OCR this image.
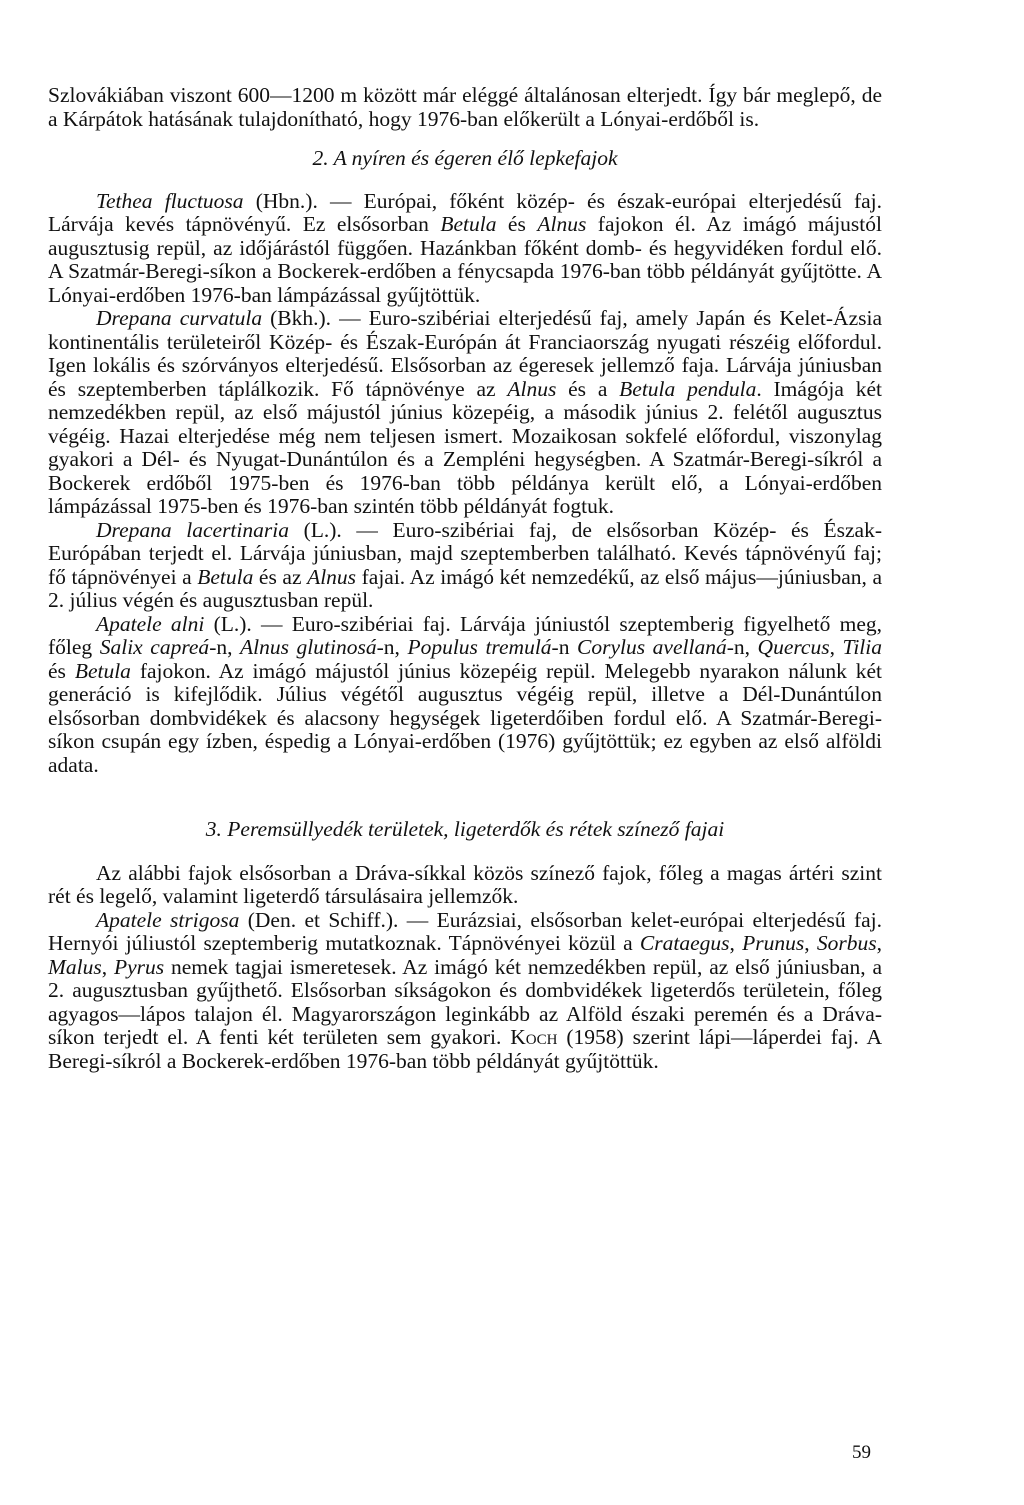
Szlovákiában viszont 600—1200 m között már eléggé általánosan elterjedt. Így bár meglepő, de a Kárpátok hatásának tulajdonítható, hogy 1976-ban előkerült a Lónyai-erdőből is.

2. A nyíren és égeren élő lepkefajok

Tethea fluctuosa (Hbn.). — Európai, főként közép- és észak-európai elterjedésű faj. Lárvája kevés tápnövényű. Ez elsősorban Betula és Alnus fajokon él. Az imágó májustól augusztusig repül, az időjárástól függően. Hazánkban főként domb- és hegyvidéken fordul elő. A Szatmár-Beregi-síkon a Bockerek-erdőben a fénycsapda 1976-ban több példányát gyűjtötte. A Lónyai-erdőben 1976-ban lámpázással gyűjtöttük.

Drepana curvatula (Bkh.). — Euro-szibériai elterjedésű faj, amely Japán és Kelet-Ázsia kontinentális területeiről Közép- és Észak-Európán át Franciaország nyugati részéig előfordul. Igen lokális és szórványos elterjedésű. Elsősorban az égeresek jellemző faja. Lárvája júniusban és szeptemberben táplálkozik. Fő tápnövénye az Alnus és a Betula pendula. Imágója két nemzedékben repül, az első májustól június közepéig, a második június 2. felétől augusztus végéig. Hazai elterjedése még nem teljesen ismert. Mozaikosan sokfelé előfordul, viszonylag gyakori a Dél- és Nyugat-Dunántúlon és a Zempléni hegységben. A Szatmár-Beregi-síkról a Bockerek erdőből 1975-ben és 1976-ban több példánya került elő, a Lónyai-erdőben lámpázással 1975-ben és 1976-ban szintén több példányát fogtuk.

Drepana lacertinaria (L.). — Euro-szibériai faj, de elsősorban Közép- és Észak-Európában terjedt el. Lárvája júniusban, majd szeptemberben található. Kevés tápnövényű faj; fő tápnövényei a Betula és az Alnus fajai. Az imágó két nemzedékű, az első május—júniusban, a 2. július végén és augusztusban repül.

Apatele alni (L.). — Euro-szibériai faj. Lárvája júniustól szeptemberig figyelhető meg, főleg Salix capreá-n, Alnus glutinosá-n, Populus tremulá-n Corylus avellaná-n, Quercus, Tilia és Betula fajokon. Az imágó májustól június közepéig repül. Melegebb nyarakon nálunk két generáció is kifejlődik. Július végétől augusztus végéig repül, illetve a Dél-Dunántúlon elsősorban dombvidékek és alacsony hegységek ligeterdőiben fordul elő. A Szatmár-Beregi-síkon csupán egy ízben, éspedig a Lónyai-erdőben (1976) gyűjtöttük; ez egyben az első alföldi adata.

3. Peremsüllyedék területek, ligeterdők és rétek színező fajai

Az alábbi fajok elsősorban a Dráva-síkkal közös színező fajok, főleg a magas ártéri szint rét és legelő, valamint ligeterdő társulásaira jellemzők.

Apatele strigosa (Den. et Schiff.). — Eurázsiai, elsősorban kelet-európai elterjedésű faj. Hernyói júliustól szeptemberig mutatkoznak. Tápnövényei közül a Crataegus, Prunus, Sorbus, Malus, Pyrus nemek tagjai ismeretesek. Az imágó két nemzedékben repül, az első júniusban, a 2. augusztusban gyűjthető. Elsősorban síkságokon és dombvidékek ligeterdős területein, főleg agyagos—lápos talajon él. Magyarországon leginkább az Alföld északi peremén és a Dráva-síkon terjedt el. A fenti két területen sem gyakori. Koch (1958) szerint lápi—láperdei faj. A Beregi-síkról a Bockerek-erdőben 1976-ban több példányát gyűjtöttük.

59
